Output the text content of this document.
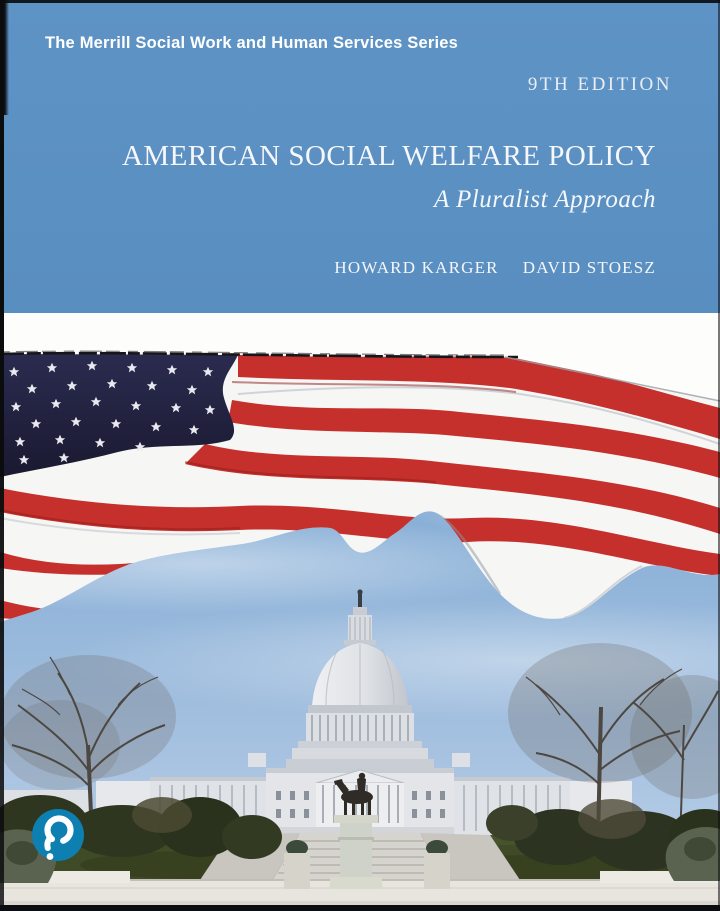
The Merrill Social Work and Human Services Series
9TH EDITION
AMERICAN SOCIAL WELFARE POLICY
A Pluralist Approach
HOWARD KARGER DAVID STOESZ
